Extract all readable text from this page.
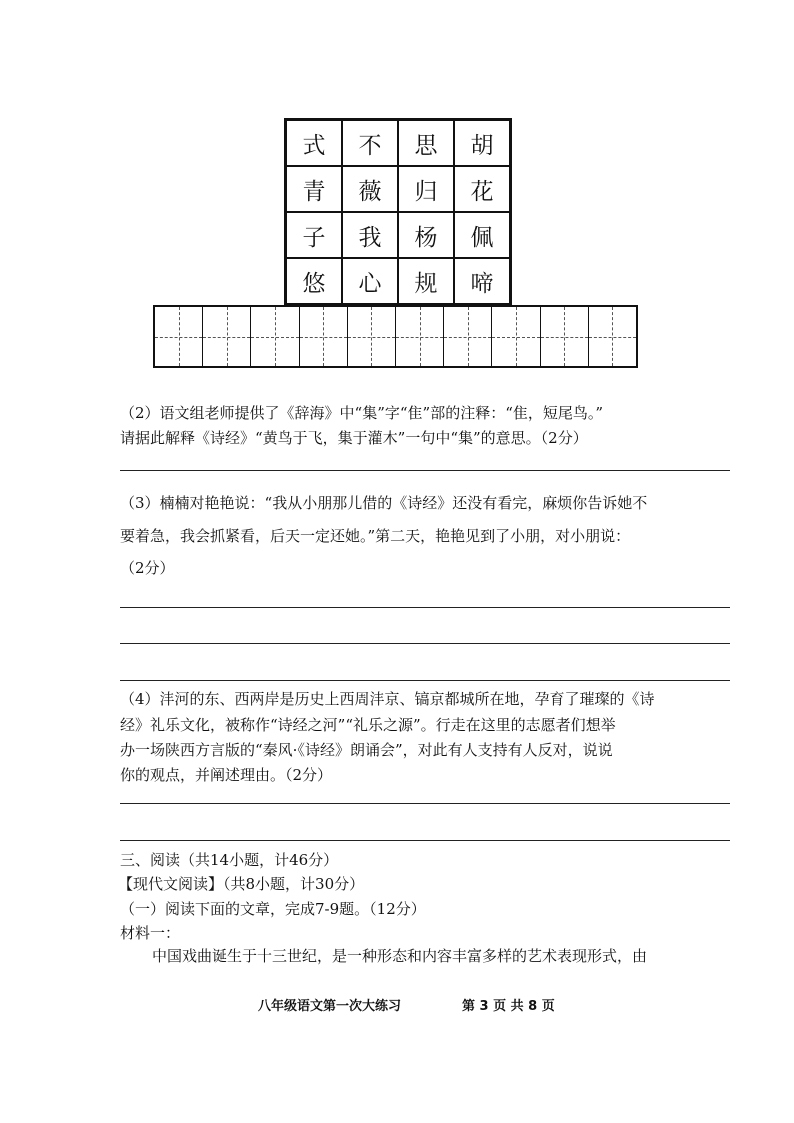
式	不	思	胡
青	薇	归	花
子	我	杨	佩
悠	心	规	啼
（2）语文组老师提供了《辞海》中“集”字“隹”部的注释：“隹，短尾鸟。”
请据此解释《诗经》“黄鸟于飞，集于灌木”一句中“集”的意思。（2分）
（3）楠楠对艳艳说：“我从小朋那儿借的《诗经》还没有看完，麻烦你告诉她不
要着急，我会抓紧看，后天一定还她。”第二天，艳艳见到了小朋，对小朋说：
（2分）
（4）沣河的东、西两岸是历史上西周沣京、镐京都城所在地，孕育了璀璨的《诗
经》礼乐文化，被称作“诗经之河”“礼乐之源”。行走在这里的志愿者们想举
办一场陕西方言版的“秦风·《诗经》朗诵会”，对此有人支持有人反对，说说
你的观点，并阐述理由。（2分）
三、阅读（共14小题，计46分）
【现代文阅读】（共8小题，计30分）
（一）阅读下面的文章，完成7-9题。（12分）
材料一：
中国戏曲诞生于十三世纪，是一种形态和内容丰富多样的艺术表现形式，由
八年级语文第一次大练习	第 3 页 共 8 页
